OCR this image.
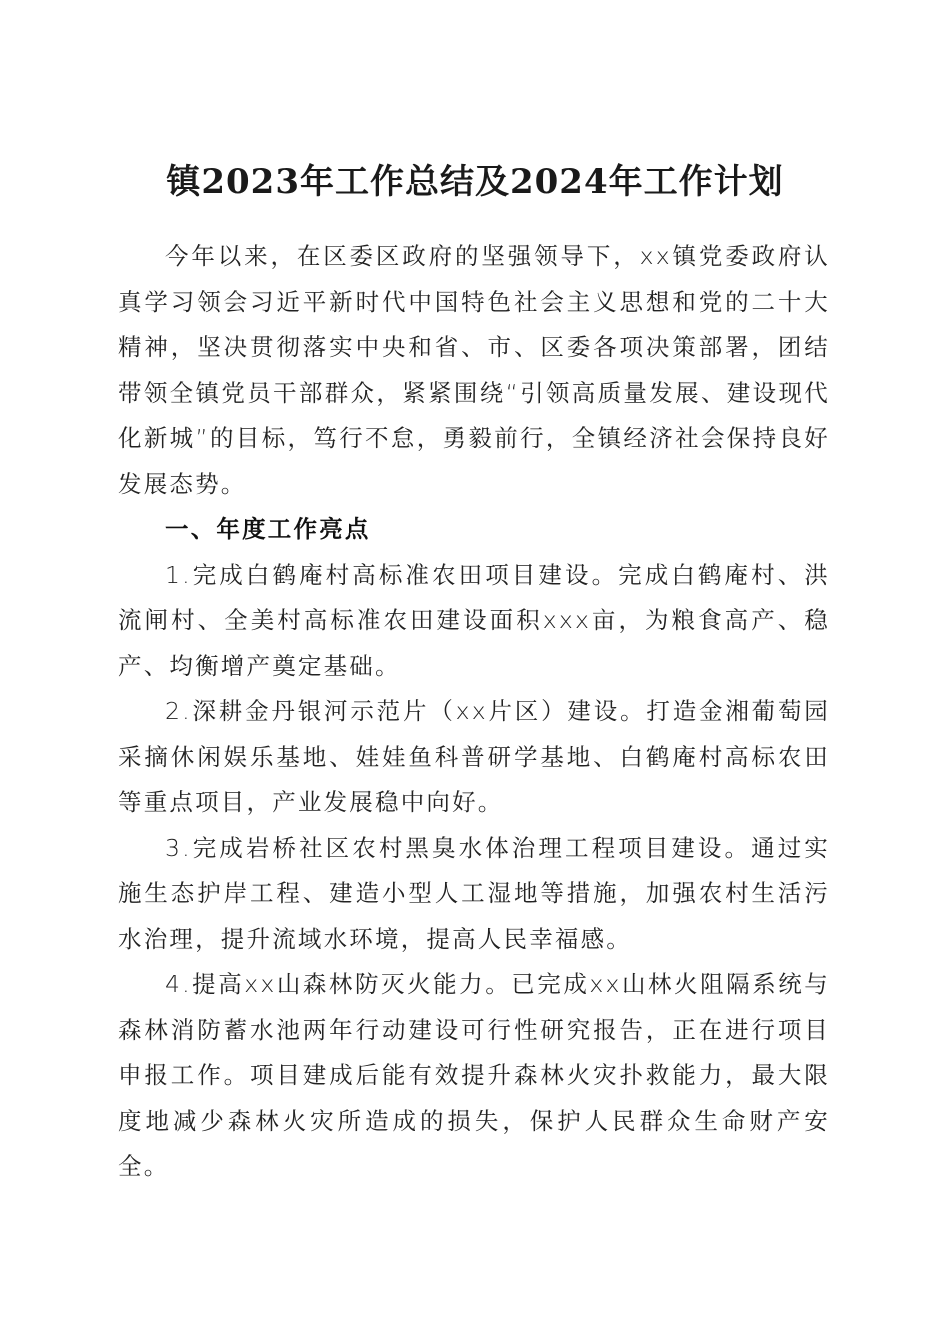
镇2023年工作总结及2024年工作计划

今年以来，在区委区政府的坚强领导下，xx镇党委政府认真学习领会习近平新时代中国特色社会主义思想和党的二十大精神，坚决贯彻落实中央和省、市、区委各项决策部署，团结带领全镇党员干部群众，紧紧围绕“引领高质量发展、建设现代化新城”的目标，笃行不怠，勇毅前行，全镇经济社会保持良好发展态势。

一、年度工作亮点

1.完成白鹤庵村高标准农田项目建设。完成白鹤庵村、洪流闸村、全美村高标准农田建设面积xxx亩，为粮食高产、稳产、均衡增产奠定基础。

2.深耕金丹银河示范片（xx片区）建设。打造金湘葡萄园采摘休闲娱乐基地、娃娃鱼科普研学基地、白鹤庵村高标农田等重点项目，产业发展稳中向好。

3.完成岩桥社区农村黑臭水体治理工程项目建设。通过实施生态护岸工程、建造小型人工湿地等措施，加强农村生活污水治理，提升流域水环境，提高人民幸福感。

4.提高xx山森林防灭火能力。已完成xx山林火阻隔系统与森林消防蓄水池两年行动建设可行性研究报告，正在进行项目申报工作。项目建成后能有效提升森林火灾扑救能力，最大限度地减少森林火灾所造成的损失，保护人民群众生命财产安全。
